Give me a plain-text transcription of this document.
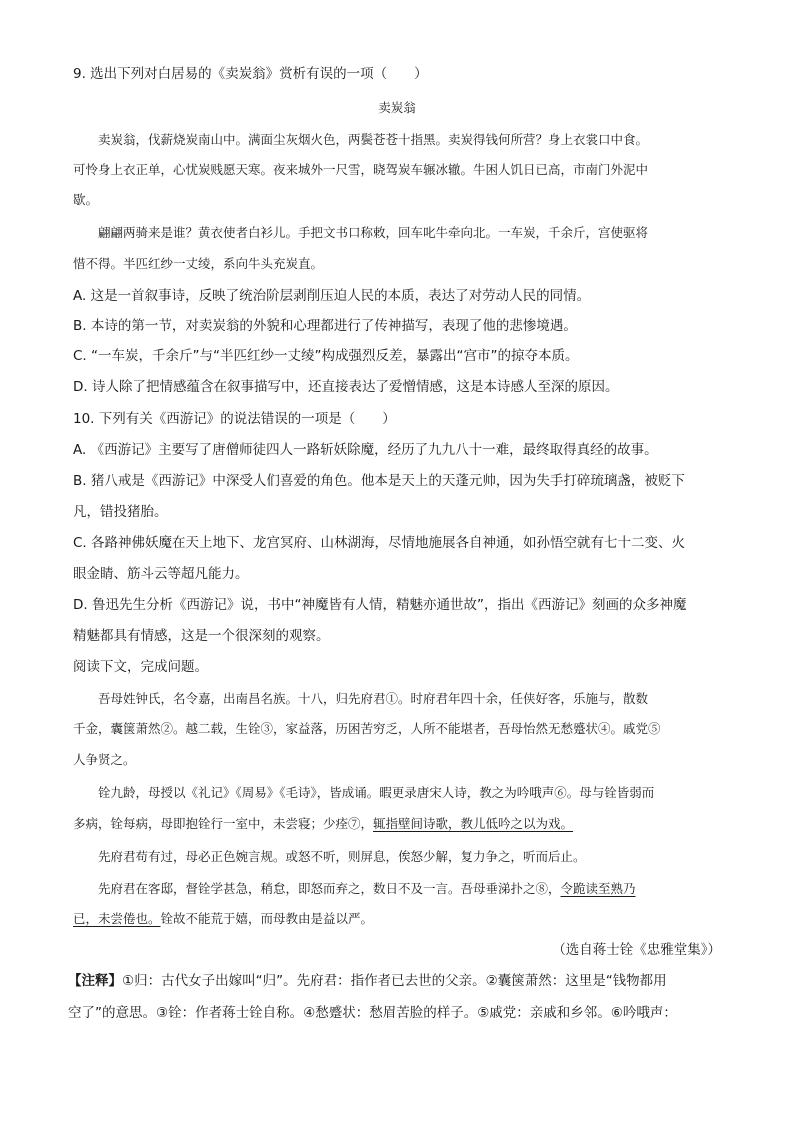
9. 选出下列对白居易的《卖炭翁》赏析有误的一项（　　）
卖炭翁
　　卖炭翁，伐薪烧炭南山中。满面尘灰烟火色，两鬓苍苍十指黑。卖炭得钱何所营？身上衣裳口中食。
可怜身上衣正单，心忧炭贱愿天寒。夜来城外一尺雪，晓驾炭车辗冰辙。牛困人饥日已高，市南门外泥中
歇。
　　翩翩两骑来是谁？黄衣使者白衫儿。手把文书口称敕，回车叱牛牵向北。一车炭，千余斤，宫使驱将
惜不得。半匹红纱一丈绫，系向牛头充炭直。
A. 这是一首叙事诗，反映了统治阶层剥削压迫人民的本质，表达了对劳动人民的同情。
B. 本诗的第一节，对卖炭翁的外貌和心理都进行了传神描写，表现了他的悲惨境遇。
C. “一车炭，千余斤”与“半匹红纱一丈绫”构成强烈反差，暴露出“宫市”的掠夺本质。
D. 诗人除了把情感蕴含在叙事描写中，还直接表达了爱憎情感，这是本诗感人至深的原因。
10. 下列有关《西游记》的说法错误的一项是（　　）
A. 《西游记》主要写了唐僧师徒四人一路斩妖除魔，经历了九九八十一难，最终取得真经的故事。
B. 猪八戒是《西游记》中深受人们喜爱的角色。他本是天上的天蓬元帅，因为失手打碎琉璃盏，被贬下
凡，错投猪胎。
C. 各路神佛妖魔在天上地下、龙宫冥府、山林湖海，尽情地施展各自神通，如孙悟空就有七十二变、火
眼金睛、筋斗云等超凡能力。
D. 鲁迅先生分析《西游记》说，书中“神魔皆有人情，精魅亦通世故”，指出《西游记》刻画的众多神魔
精魅都具有情感，这是一个很深刻的观察。
阅读下文，完成问题。
　　吾母姓钟氏，名令嘉，出南昌名族。十八，归先府君①。时府君年四十余，任侠好客，乐施与，散数
千金，囊箧萧然②。越二载，生铨③，家益落，历困苦穷乏，人所不能堪者，吾母怡然无愁蹙状④。戚党⑤
人争贤之。
　　铨九龄，母授以《礼记》《周易》《毛诗》，皆成诵。暇更录唐宋人诗，教之为吟哦声⑥。母与铨皆弱而
多病，铨每病，母即抱铨行一室中，未尝寝；少痊⑦，辄指壁间诗歌，教儿低吟之以为戏。
　　先府君苟有过，母必正色婉言规。或怒不听，则屏息，俟怒少解，复力争之，听而后止。
　　先府君在客邸，督铨学甚急，稍怠，即怒而弃之，数日不及一言。吾母垂涕扑之⑧，令跪读至熟乃
已，未尝倦也。铨故不能荒于嬉，而母教由是益以严。
（选自蒋士铨《忠雅堂集》）
【注释】①归：古代女子出嫁叫“归”。先府君：指作者已去世的父亲。②囊箧萧然：这里是“钱物都用
空了”的意思。③铨：作者蒋士铨自称。④愁蹙状：愁眉苦脸的样子。⑤戚党：亲戚和乡邻。⑥吟哦声：
